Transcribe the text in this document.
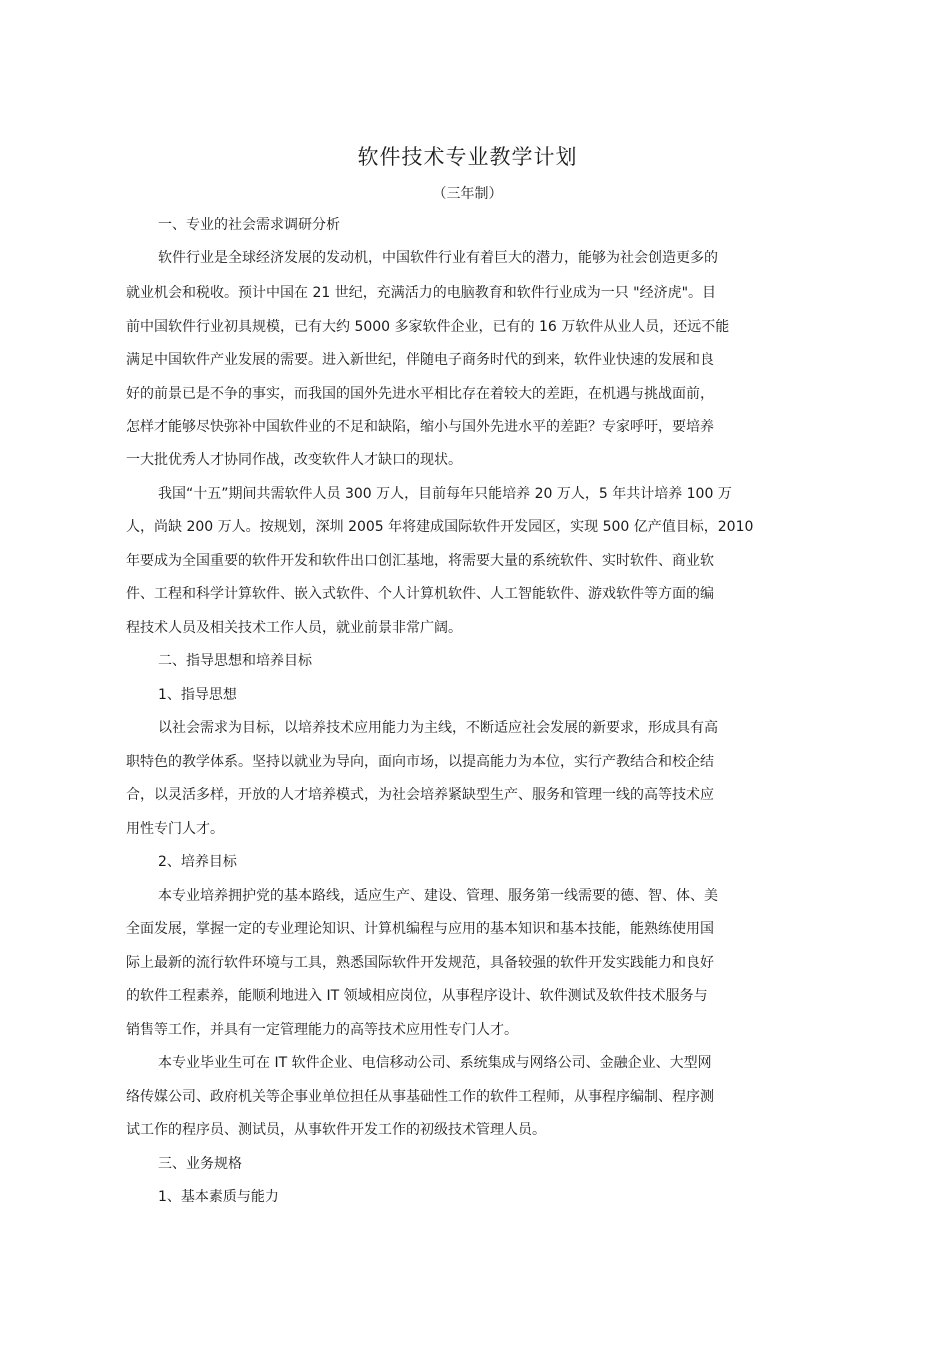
软件技术专业教学计划
（三年制）
一、专业的社会需求调研分析
软件行业是全球经济发展的发动机，中国软件行业有着巨大的潜力，能够为社会创造更多的
就业机会和税收。预计中国在 21 世纪，充满活力的电脑教育和软件行业成为一只 "经济虎"。目
前中国软件行业初具规模，已有大约 5000 多家软件企业，已有的 16 万软件从业人员，还远不能
满足中国软件产业发展的需要。进入新世纪，伴随电子商务时代的到来，软件业快速的发展和良
好的前景已是不争的事实，而我国的国外先进水平相比存在着较大的差距，在机遇与挑战面前，
怎样才能够尽快弥补中国软件业的不足和缺陷，缩小与国外先进水平的差距？专家呼吁，要培养
一大批优秀人才协同作战，改变软件人才缺口的现状。
我国“十五”期间共需软件人员 300 万人，目前每年只能培养 20 万人，5 年共计培养 100 万
人，尚缺 200 万人。按规划，深圳 2005 年将建成国际软件开发园区，实现 500 亿产值目标，2010
年要成为全国重要的软件开发和软件出口创汇基地，将需要大量的系统软件、实时软件、商业软
件、工程和科学计算软件、嵌入式软件、个人计算机软件、人工智能软件、游戏软件等方面的编
程技术人员及相关技术工作人员，就业前景非常广阔。
二、指导思想和培养目标
1、指导思想
以社会需求为目标，以培养技术应用能力为主线，不断适应社会发展的新要求，形成具有高
职特色的教学体系。坚持以就业为导向，面向市场，以提高能力为本位，实行产教结合和校企结
合，以灵活多样，开放的人才培养模式，为社会培养紧缺型生产、服务和管理一线的高等技术应
用性专门人才。
2、培养目标
本专业培养拥护党的基本路线，适应生产、建设、管理、服务第一线需要的德、智、体、美
全面发展，掌握一定的专业理论知识、计算机编程与应用的基本知识和基本技能，能熟练使用国
际上最新的流行软件环境与工具，熟悉国际软件开发规范，具备较强的软件开发实践能力和良好
的软件工程素养，能顺利地进入 IT 领域相应岗位，从事程序设计、软件测试及软件技术服务与
销售等工作，并具有一定管理能力的高等技术应用性专门人才。
本专业毕业生可在 IT 软件企业、电信移动公司、系统集成与网络公司、金融企业、大型网
络传媒公司、政府机关等企事业单位担任从事基础性工作的软件工程师，从事程序编制、程序测
试工作的程序员、测试员，从事软件开发工作的初级技术管理人员。
三、业务规格
1、基本素质与能力
